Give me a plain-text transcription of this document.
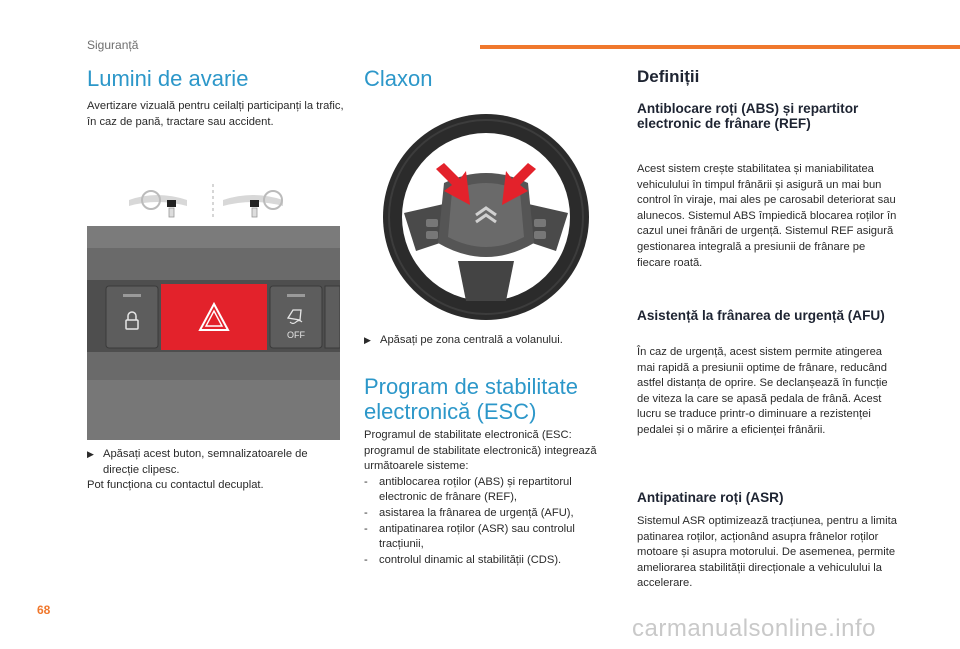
Siguranță
Lumini de avarie

Avertizare vizuală pentru ceilalți participanți la trafic, în caz de pană, tractare sau accident.

OFF
▶ Apăsați acest buton, semnalizatoarele de
direcție clipesc.
Pot funcționa cu contactul decuplat.
Claxon
▶ Apăsați pe zona centrală a volanului.
Program de stabilitate
electronică (ESC)

Programul de stabilitate electronică (ESC: programul de stabilitate electronică) integrează următoarele sisteme:

-	antiblocarea roților (ABS) și repartitorul electronic de frânare (REF),
-	asistarea la frânarea de urgență (AFU),
-	antipatinarea roților (ASR) sau controlul tracțiunii,
-	controlul dinamic al stabilității (CDS).
Definiții
Antiblocare roți (ABS) și repartitor electronic de frânare (REF)

Acest sistem crește stabilitatea și maniabilitatea vehiculului în timpul frânării și asigură un mai bun control în viraje, mai ales pe carosabil deteriorat sau alunecos. Sistemul ABS împiedică blocarea roților în cazul unei frânări de urgență. Sistemul REF asigură gestionarea integrală a presiunii de frânare pe fiecare roată.

Asistență la frânarea de urgență (AFU)

În caz de urgență, acest sistem permite atingerea mai rapidă a presiunii optime de frânare, reducând astfel distanța de oprire. Se declanșează în funcție de viteza la care se apasă pedala de frână. Acest lucru se traduce printr-o diminuare a rezistenței pedalei și o mărire a eficienței frânării.

Antipatinare roți (ASR)

Sistemul ASR optimizează tracțiunea, pentru a limita patinarea roților, acționând asupra frânelor roților motoare și asupra motorului. De asemenea, permite ameliorarea stabilității direcționale a vehiculului la accelerare.

68
carmanualsonline.info
